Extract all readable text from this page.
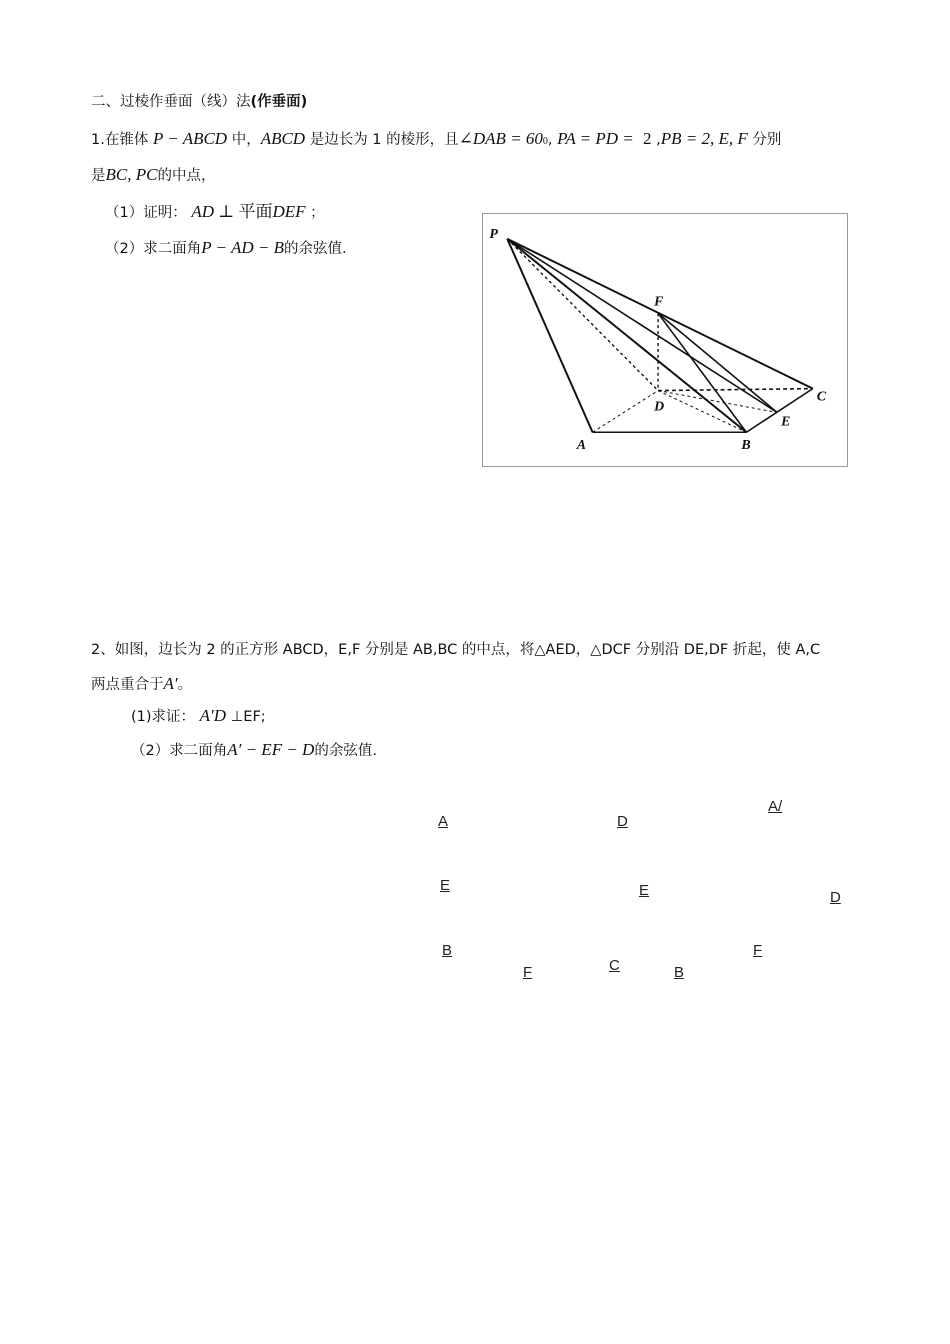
二、过棱作垂面（线）法(作垂面)
1.在锥体 P − ABCD 中，ABCD 是边长为 1 的棱形，且∠DAB = 600, PA = PD = 2 ,PB = 2, E, F 分别
是BC, PC的中点，
（1）证明： AD ⊥ 平面DEF ；
（2）求二面角P − AD − B的余弦值.
P
F
D
C
E
A	B
2、如图，边长为 2 的正方形 ABCD，E,F 分别是 AB,BC 的中点，将△AED，△DCF 分别沿 DE,DF 折起，使 A,C
两点重合于A′。
(1)求证： A′D ⊥EF;
（2）求二面角A′ − EF − D的余弦值.
A	D
A/
E	E	D
B	F
C
F	B
